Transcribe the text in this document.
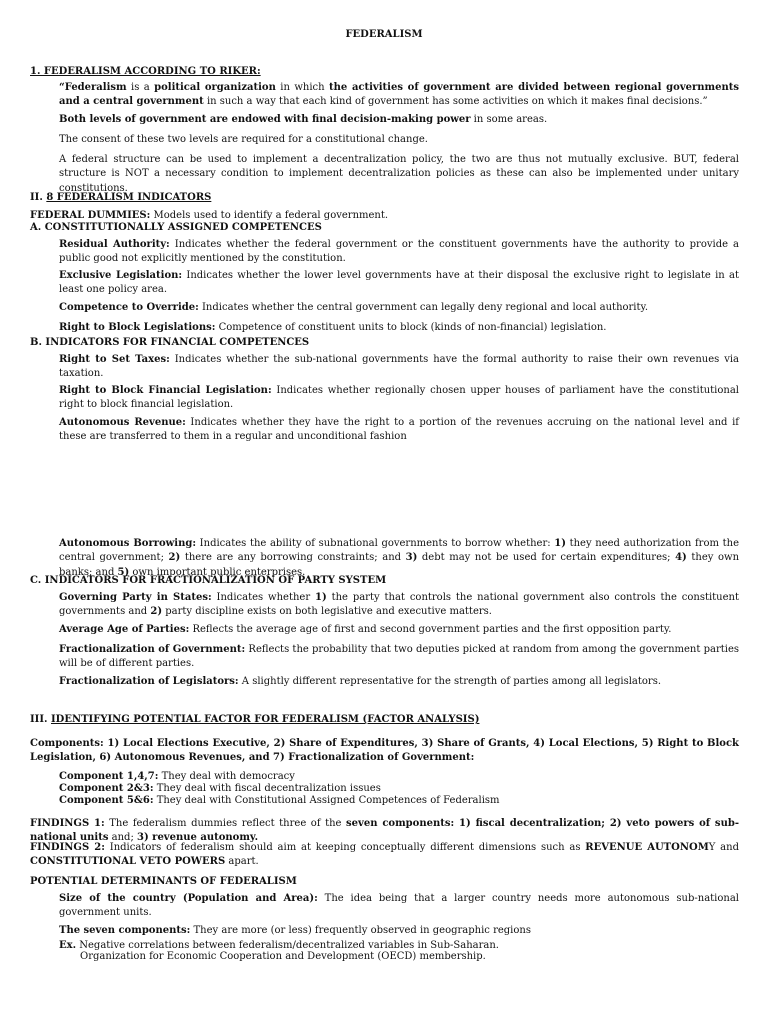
FEDERALISM
1. FEDERALISM ACCORDING TO RIKER:
“Federalism is a political organization in which the activities of government are divided between regional governments and a central government in such a way that each kind of government has some activities on which it makes final decisions.”
Both levels of government are endowed with final decision-making power in some areas.
The consent of these two levels are required for a constitutional change.
A federal structure can be used to implement a decentralization policy, the two are thus not mutually exclusive. BUT, federal structure is NOT a necessary condition to implement decentralization policies as these can also be implemented under unitary constitutions.
II. 8 FEDERALISM INDICATORS
FEDERAL DUMMIES: Models used to identify a federal government.
A. CONSTITUTIONALLY ASSIGNED COMPETENCES
Residual Authority: Indicates whether the federal government or the constituent governments have the authority to provide a public good not explicitly mentioned by the constitution.
Exclusive Legislation: Indicates whether the lower level governments have at their disposal the exclusive right to legislate in at least one policy area.
Competence to Override: Indicates whether the central government can legally deny regional and local authority.
Right to Block Legislations: Competence of constituent units to block (kinds of non-financial) legislation.
B. INDICATORS FOR FINANCIAL COMPETENCES
Right to Set Taxes: Indicates whether the sub-national governments have the formal authority to raise their own revenues via taxation.
Right to Block Financial Legislation: Indicates whether regionally chosen upper houses of parliament have the constitutional right to block financial legislation.
Autonomous Revenue: Indicates whether they have the right to a portion of the revenues accruing on the national level and if these are transferred to them in a regular and unconditional fashion
Autonomous Borrowing: Indicates the ability of subnational governments to borrow whether: 1) they need authorization from the central government; 2) there are any borrowing constraints; and 3) debt may not be used for certain expenditures; 4) they own banks; and 5) own important public enterprises.
C. INDICATORS FOR FRACTIONALIZATION OF PARTY SYSTEM
Governing Party in States: Indicates whether 1) the party that controls the national government also controls the constituent governments and 2) party discipline exists on both legislative and executive matters.
Average Age of Parties: Reflects the average age of first and second government parties and the first opposition party.
Fractionalization of Government: Reflects the probability that two deputies picked at random from among the government parties will be of different parties.
Fractionalization of Legislators: A slightly different representative for the strength of parties among all legislators.
III. IDENTIFYING POTENTIAL FACTOR FOR FEDERALISM (FACTOR ANALYSIS)
Components: 1) Local Elections Executive, 2) Share of Expenditures, 3) Share of Grants, 4) Local Elections, 5) Right to Block Legislation, 6) Autonomous Revenues, and 7) Fractionalization of Government:
Component 1,4,7: They deal with democracy
Component 2&3: They deal with fiscal decentralization issues
Component 5&6: They deal with Constitutional Assigned Competences of Federalism
FINDINGS 1: The federalism dummies reflect three of the seven components: 1) fiscal decentralization; 2) veto powers of sub-national units and; 3) revenue autonomy.
FINDINGS 2: Indicators of federalism should aim at keeping conceptually different dimensions such as REVENUE AUTONOMY and CONSTITUTIONAL VETO POWERS apart.
POTENTIAL DETERMINANTS OF FEDERALISM
Size of the country (Population and Area): The idea being that a larger country needs more autonomous sub-national government units.
The seven components: They are more (or less) frequently observed in geographic regions
Ex. Negative correlations between federalism/decentralized variables in Sub-Saharan.
Organization for Economic Cooperation and Development (OECD) membership.
